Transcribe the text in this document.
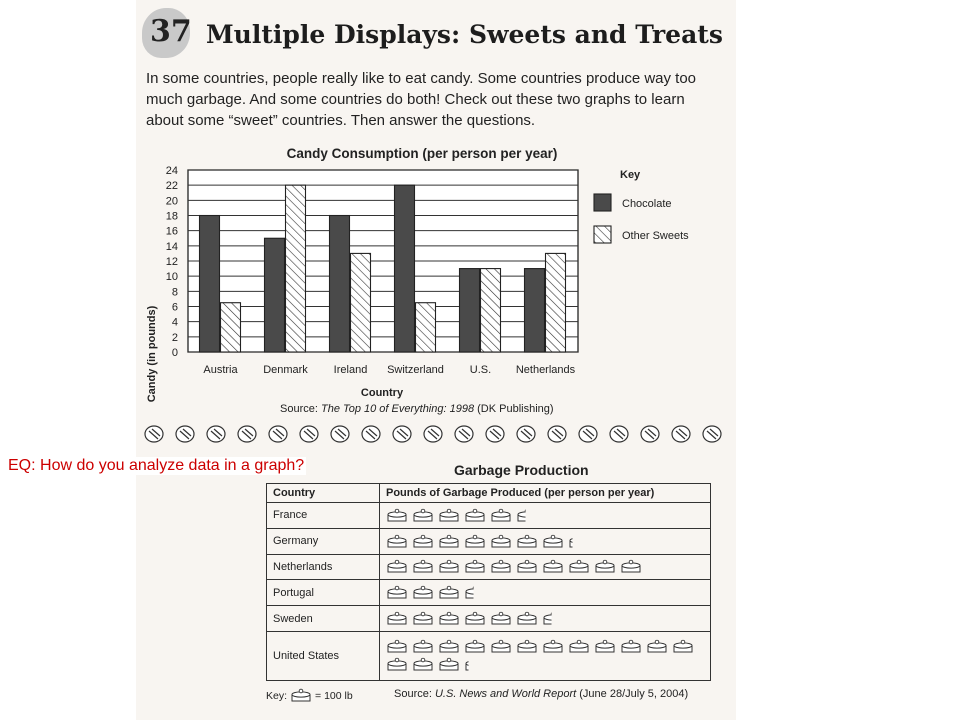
37 Multiple Displays: Sweets and Treats
In some countries, people really like to eat candy. Some countries produce way too much garbage. And some countries do both! Check out these two graphs to learn about some “sweet” countries. Then answer the questions.
Candy Consumption (per person per year)
0
2
4
6
8
10
12
14
16
18
20
22
24
Austria Denmark Ireland Switzerland U.S. Netherlands
Candy (in pounds)	Country
Source: The Top 10 of Everything: 1998 (DK Publishing)
Key
Chocolate
Other Sweets
Garbage Production
Country	Pounds of Garbage Produced (per person per year)
France	

Germany	

Netherlands	

Portugal	

Sweden	

United States	
Key:	= 100 lb	Source: U.S. News and World Report (June 28/July 5, 2004)
EQ: How do you analyze data in a graph?
